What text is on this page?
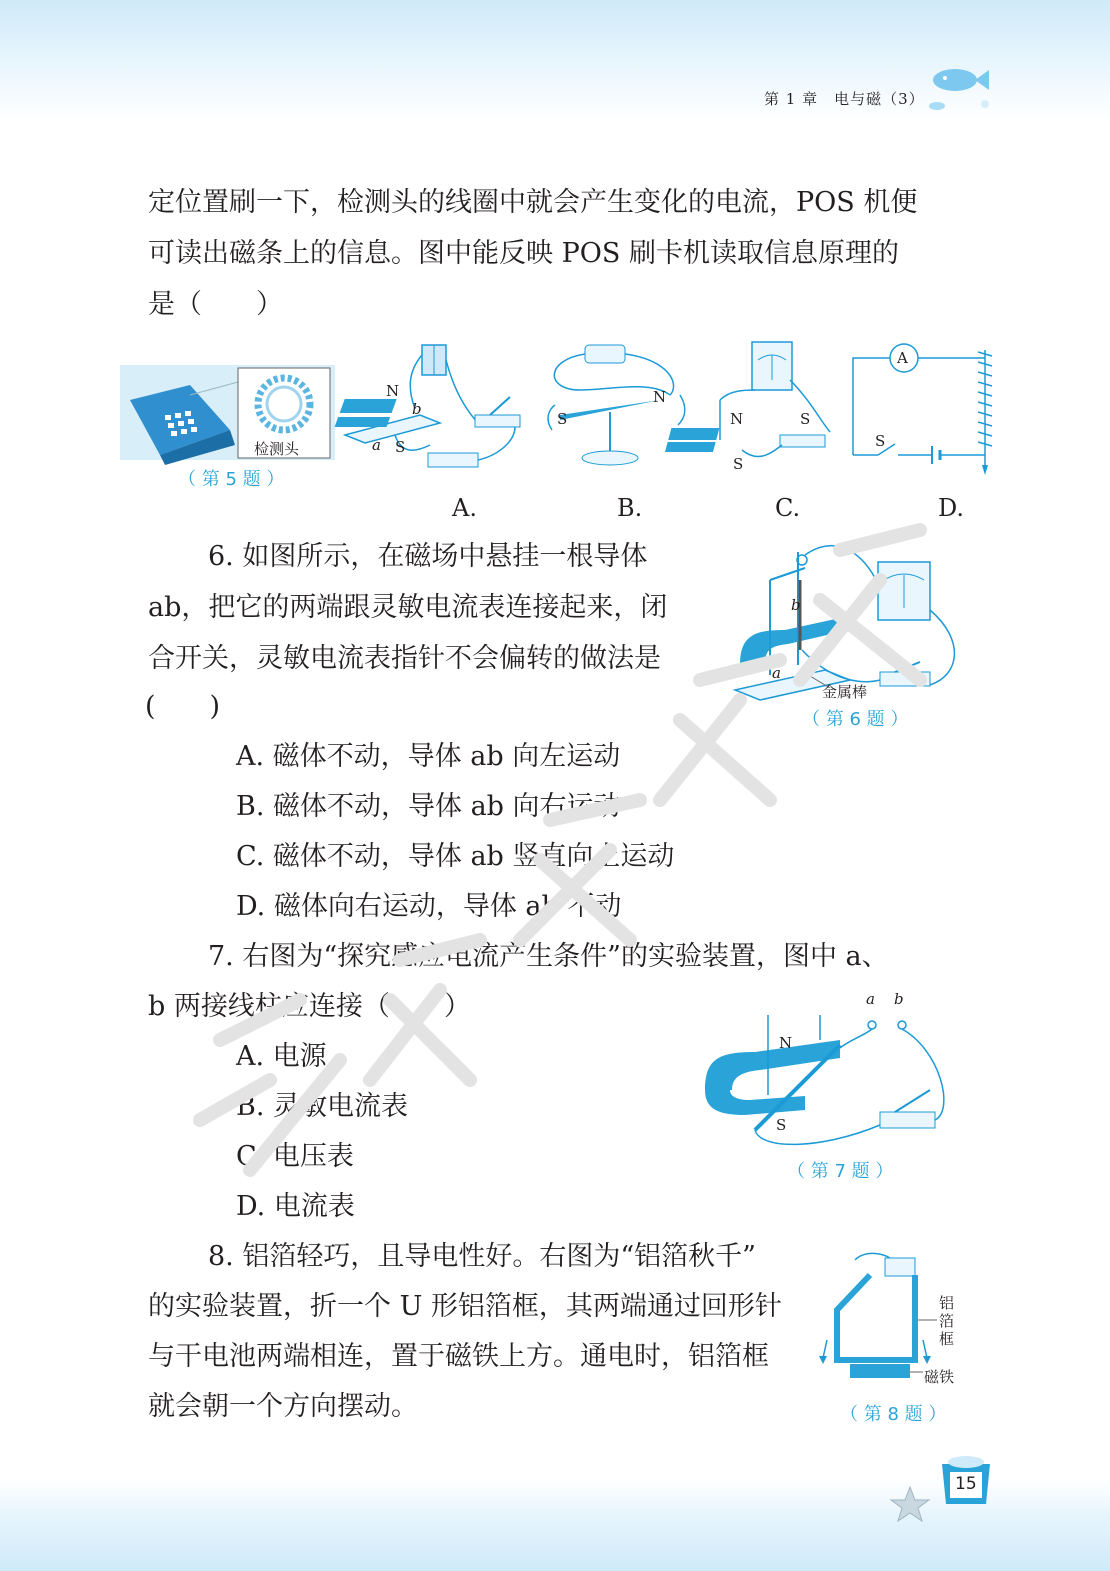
第 1 章　电与磁（3）
定位置刷一下，检测头的线圈中就会产生变化的电流，POS 机便
可读出磁条上的信息。图中能反映 POS 刷卡机读取信息原理的
是（　　）
检测头
（ 第 5 题 ）
N
b
a S
S
N
N	S
S
A
S
A.	B.	C.	D.
6. 如图所示，在磁场中悬挂一根导体
ab，把它的两端跟灵敏电流表连接起来，闭
合开关，灵敏电流表指针不会偏转的做法是
(　　)
b
a
金属棒
（ 第 6 题 ）
A. 磁体不动，导体 ab 向左运动
B. 磁体不动，导体 ab 向右运动
C. 磁体不动，导体 ab 竖直向上运动
D. 磁体向右运动，导体 ab 不动
7. 右图为“探究感应电流产生条件”的实验装置，图中 a、
b 两接线柱应连接（　　）
A. 电源
B. 灵敏电流表
C. 电压表
D. 电流表
a b
N
S
（ 第 7 题 ）
8. 铝箔轻巧，且导电性好。右图为“铝箔秋千”
的实验装置，折一个 U 形铝箔框，其两端通过回形针
与干电池两端相连，置于磁铁上方。通电时，铝箔框
就会朝一个方向摆动。
铝箔框
磁铁
（ 第 8 题 ）
15
